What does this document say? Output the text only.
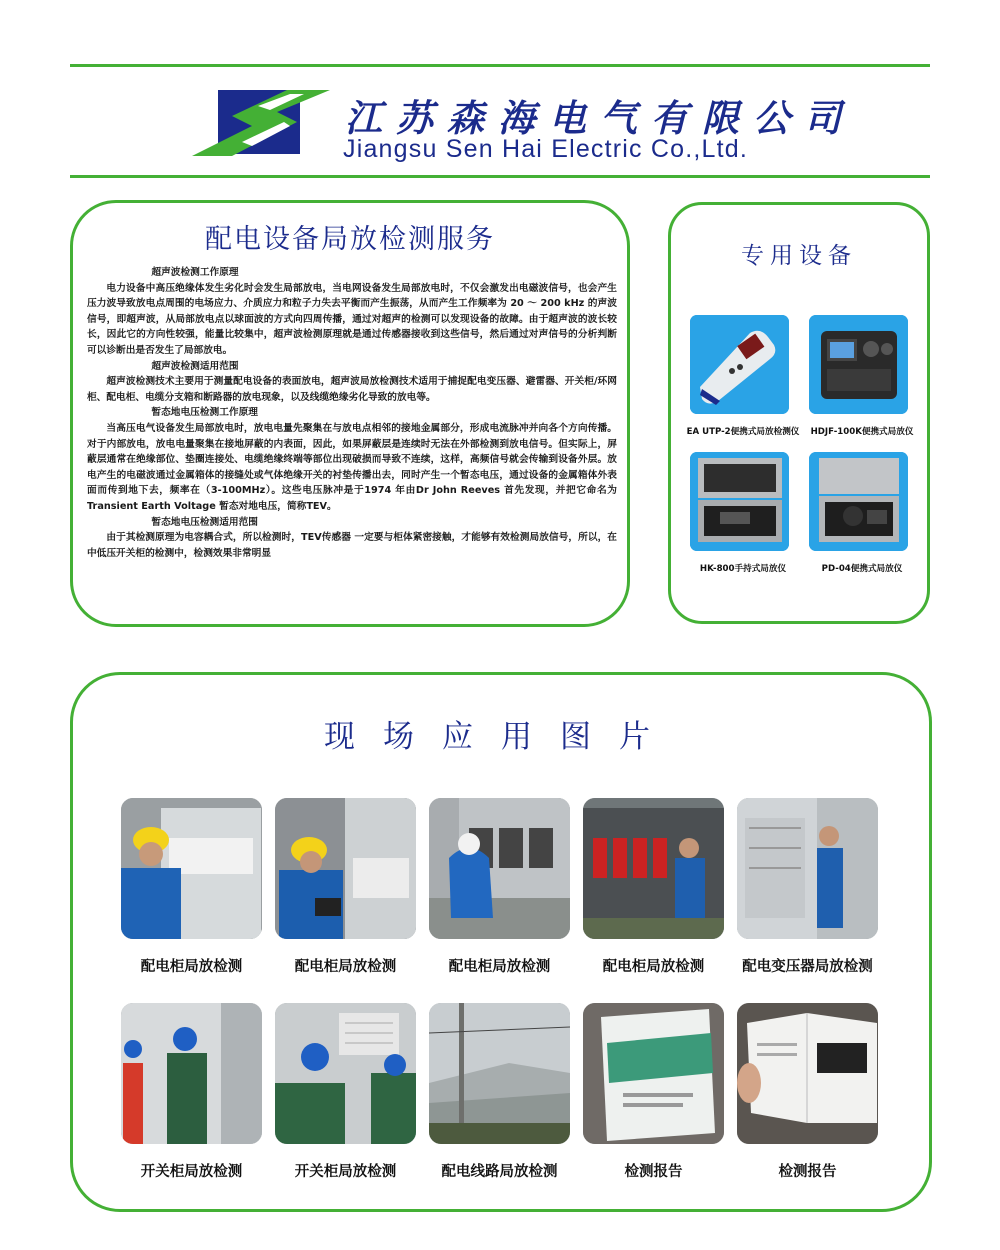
江苏森海电气有限公司
Jiangsu Sen Hai Electric Co.,Ltd.
配电设备局放检测服务

超声波检测工作原理

电力设备中高压绝缘体发生劣化时会发生局部放电，当电网设备发生局部放电时，不仅会激发出电磁波信号，也会产生压力波导致放电点周围的电场应力、介质应力和粒子力失去平衡而产生振荡，从而产生工作频率为 20 ～ 200 kHz 的声波信号，即超声波，从局部放电点以球面波的方式向四周传播，通过对超声的检测可以发现设备的故障。由于超声波的波长较长，因此它的方向性较强，能量比较集中，超声波检测原理就是通过传感器接收到这些信号，然后通过对声信号的分析判断可以诊断出是否发生了局部放电。

超声波检测适用范围

超声波检测技术主要用于测量配电设备的表面放电，超声波局放检测技术适用于捕捉配电变压器、避雷器、开关柜/环网柜、配电柜、电缆分支箱和断路器的放电现象，以及线缆绝缘劣化导致的放电等。

暂态地电压检测工作原理

当高压电气设备发生局部放电时，放电电量先聚集在与放电点相邻的接地金属部分，形成电流脉冲并向各个方向传播。对于内部放电，放电电量聚集在接地屏蔽的内表面，因此，如果屏蔽层是连续时无法在外部检测到放电信号。但实际上，屏蔽层通常在绝缘部位、垫圈连接处、电缆绝缘终端等部位出现破损而导致不连续，这样，高频信号就会传输到设备外层。放电产生的电磁波通过金属箱体的接缝处或气体绝缘开关的衬垫传播出去，同时产生一个暂态电压，通过设备的金属箱体外表面而传到地下去，频率在（3-100MHz）。这些电压脉冲是于1974 年由Dr John Reeves 首先发现，并把它命名为Transient Earth Voltage 暂态对地电压，简称TEV。

暂态地电压检测适用范围

由于其检测原理为电容耦合式，所以检测时，TEV传感器 一定要与柜体紧密接触，才能够有效检测局放信号，所以，在中低压开关柜的检测中，检测效果非常明显

专用设备
EA UTP-2便携式局放检测仪	HDJF-100K便携式局放仪
HK-800手持式局放仪	PD-04便携式局放仪
现场应用图片
配电柜局放检测	配电柜局放检测	配电柜局放检测	配电柜局放检测	配电变压器局放检测
开关柜局放检测	开关柜局放检测	配电线路局放检测	检测报告	检测报告
